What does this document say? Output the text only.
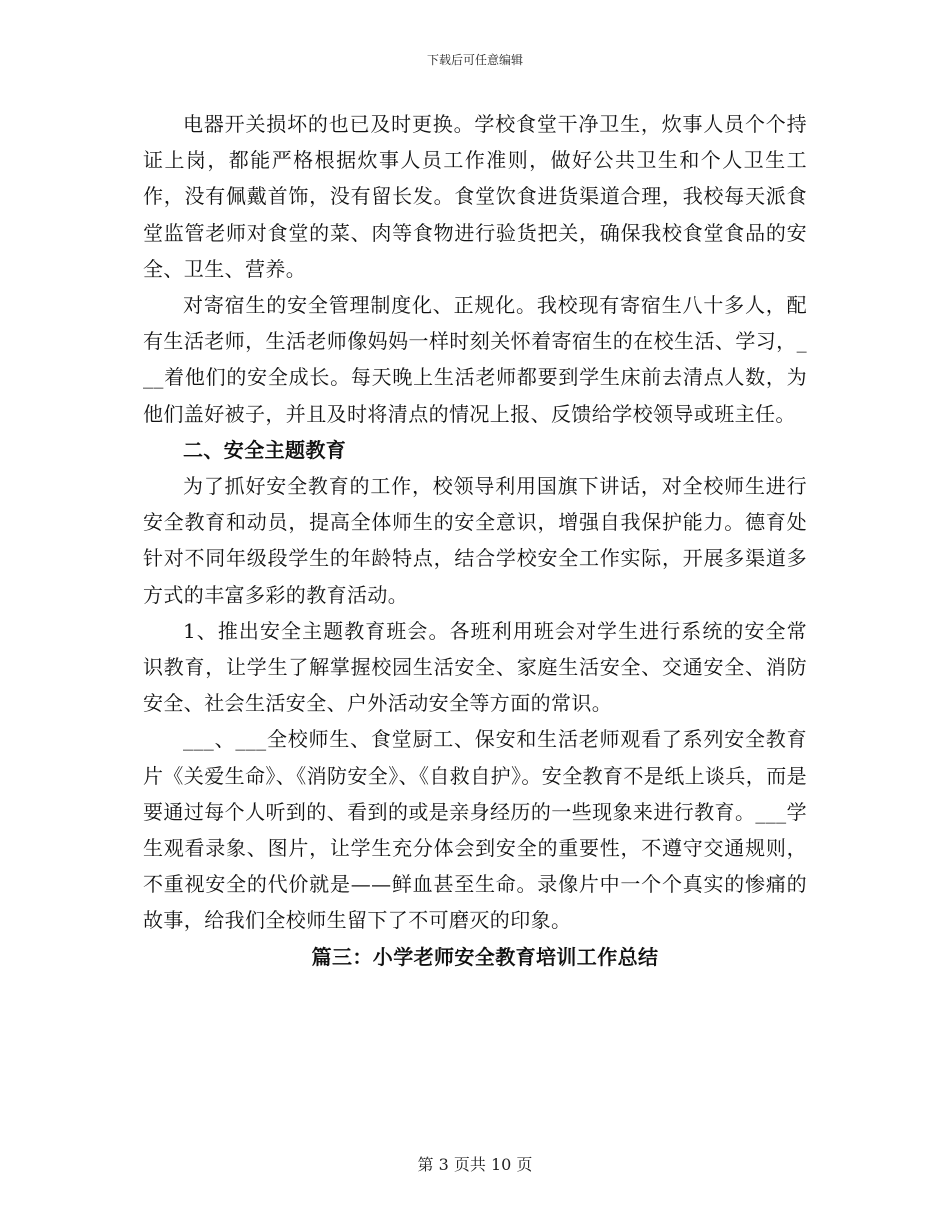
下载后可任意编辑

电器开关损坏的也已及时更换。学校食堂干净卫生，炊事人员个个持证上岗，都能严格根据炊事人员工作准则，做好公共卫生和个人卫生工作，没有佩戴首饰，没有留长发。食堂饮食进货渠道合理，我校每天派食堂监管老师对食堂的菜、肉等食物进行验货把关，确保我校食堂食品的安全、卫生、营养。

对寄宿生的安全管理制度化、正规化。我校现有寄宿生八十多人，配有生活老师，生活老师像妈妈一样时刻关怀着寄宿生的在校生活、学习，___着他们的安全成长。每天晚上生活老师都要到学生床前去清点人数，为他们盖好被子，并且及时将清点的情况上报、反馈给学校领导或班主任。

二、安全主题教育

为了抓好安全教育的工作，校领导利用国旗下讲话，对全校师生进行安全教育和动员，提高全体师生的安全意识，增强自我保护能力。德育处针对不同年级段学生的年龄特点，结合学校安全工作实际，开展多渠道多方式的丰富多彩的教育活动。

1、推出安全主题教育班会。各班利用班会对学生进行系统的安全常识教育，让学生了解掌握校园生活安全、家庭生活安全、交通安全、消防安全、社会生活安全、户外活动安全等方面的常识。

___、___全校师生、食堂厨工、保安和生活老师观看了系列安全教育片《关爱生命》、《消防安全》、《自救自护》。安全教育不是纸上谈兵，而是要通过每个人听到的、看到的或是亲身经历的一些现象来进行教育。___学生观看录象、图片，让学生充分体会到安全的重要性，不遵守交通规则，不重视安全的代价就是——鲜血甚至生命。录像片中一个个真实的惨痛的故事，给我们全校师生留下了不可磨灭的印象。

篇三：小学老师安全教育培训工作总结

第 3 页共 10 页
